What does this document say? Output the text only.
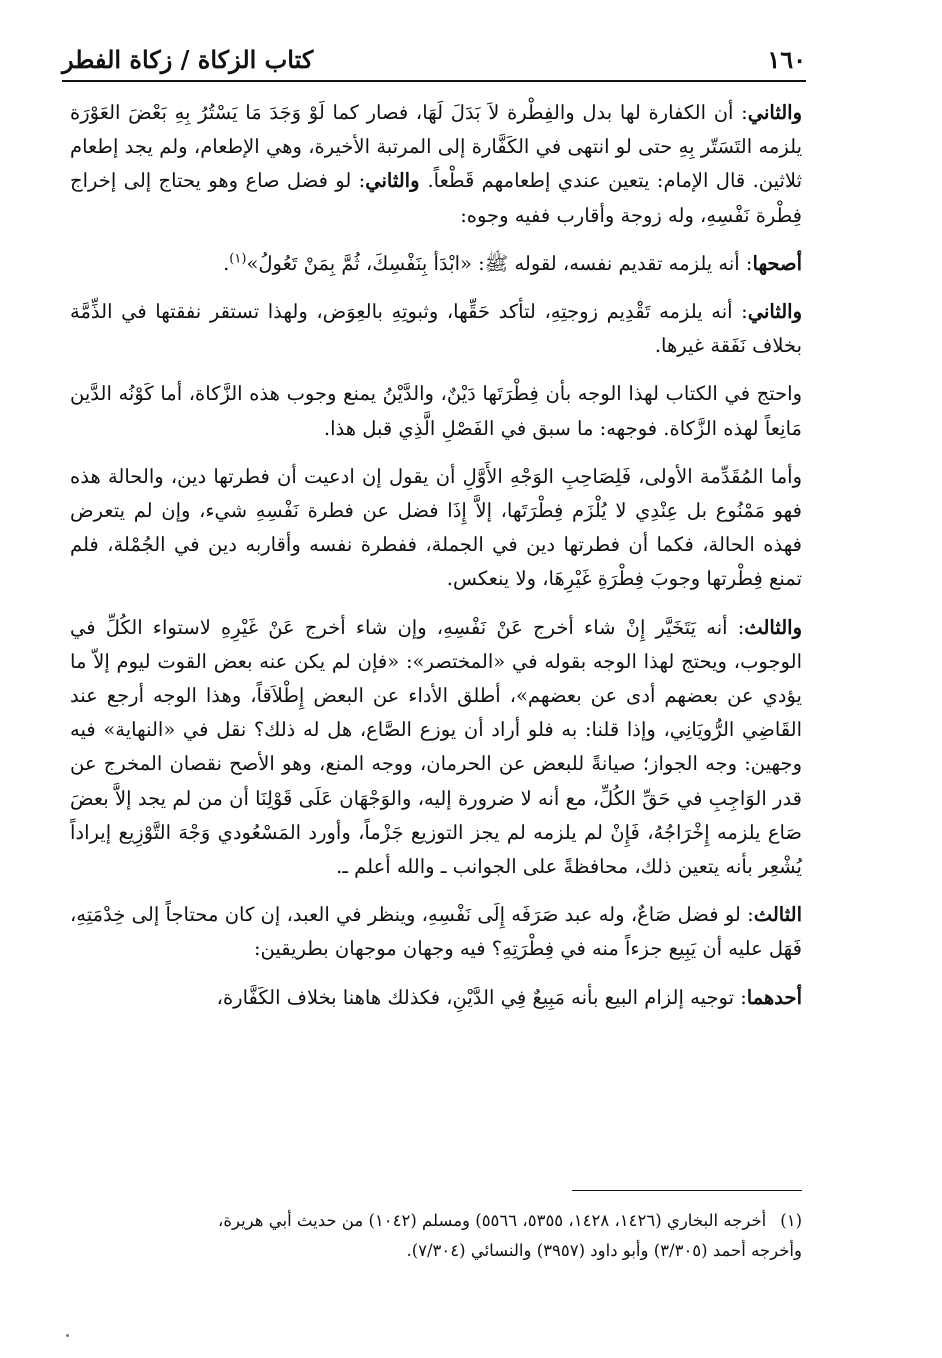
١٦٠
كتاب الزكاة / زكاة الفطر

والثاني: أن الكفارة لها بدل والفِطْرة لاَ بَدَلَ لَهَا، فصار كما لَوْ وَجَدَ مَا يَسْتُرُ بِهِ بَعْضَ العَوْرَة يلزمه التَسَتّر بِهِ حتى لو انتهى في الكَفَّارة إلى المرتبة الأخيرة، وهي الإطعام، ولم يجد إطعام ثلاثين. قال الإمام: يتعين عندي إطعامهم قَطْعاً. والثاني: لو فضل صاع وهو يحتاج إلى إخراج فِطْرة نَفْسِهِ، وله زوجة وأقارب ففيه وجوه:

أصحها: أنه يلزمه تقديم نفسه، لقوله ﷺ: «ابْدَأ بِنَفْسِكَ، ثُمَّ بِمَنْ تَعُولُ»$^{(١)}$.

والثاني: أنه يلزمه تَقْدِيم زوجتِهِ، لتأكد حَقِّها، وثبوتِهِ بالعِوَض، ولهذا تستقر نفقتها في الذِّمَّة بخلاف نَفَقة غيرها.

واحتج في الكتاب لهذا الوجه بأن فِطْرَتَها دَيْنٌ، والدَّيْنُ يمنع وجوب هذه الزَّكاة، أما كَوْنُه الدَّين مَانِعاً لهذه الزَّكاة. فوجهه: ما سبق في الفَصْلِ الَّذِي قبل هذا.

وأما المُقَدِّمة الأولى، فَلِصَاحِبِ الوَجْهِ الأَوَّلِ أن يقول إن ادعيت أن فطرتها دين، والحالة هذه فهو مَمْنُوع بل عِنْدِي لا يُلْزَم فِطْرَتَها، إلاَّ إِذَا فضل عن فطرة نَفْسِهِ شيء، وإن لم يتعرض فهذه الحالة، فكما أن فطرتها دين في الجملة، ففطرة نفسه وأقاربه دين في الجُمْلة، فلم تمنع فِطْرتها وجوبَ فِطْرَةِ غَيْرِهَا، ولا ينعكس.

والثالث: أنه يَتَخَيَّر إِنْ شاء أخرج عَنْ نَفْسِهِ، وإن شاء أخرج عَنْ غَيْرِهِ لاستواء الكُلِّ في الوجوب، ويحتج لهذا الوجه بقوله في «المختصر»: «فإن لم يكن عنه بعض القوت ليوم إلاّ ما يؤدي عن بعضهم أدى عن بعضهم»، أطلق الأداء عن البعض إِطْلاَقاً، وهذا الوجه أرجع عند القَاضِي الرُّويَانِي، وإذا قلنا: به فلو أراد أن يوزع الصَّاع، هل له ذلك؟ نقل في «النهاية» فيه وجهين: وجه الجواز؛ صيانةً للبعض عن الحرمان، ووجه المنع، وهو الأصح نقصان المخرج عن قدر الوَاجِبِ في حَقِّ الكُلِّ، مع أنه لا ضرورة إليه، والوَجْهَان عَلَى قَوْلِنَا أن من لم يجد إلاَّ بعضَ صَاع يلزمه إِخْرَاجُهُ، فَإِنْ لم يلزمه لم يجز التوزيع جَزْماً، وأورد المَسْعُودي وَجْهَ التَّوْزِيع إيراداً يُشْعِر بأنه يتعين ذلك، محافظةً على الجوانب ـ والله أعلم ـ.

الثالث: لو فضل صَاعٌ، وله عبد صَرَفَه إِلَى نَفْسِهِ، وينظر في العبد، إن كان محتاجاً إلى خِدْمَتِهِ، فَهَل عليه أن يَبِيع جزءاً منه في فِطْرَتِهِ؟ فيه وجهان موجهان بطريقين:

أحدهما: توجيه إلزام البيع بأنه مَبِيعٌ فِي الدَّيْنِ، فكذلك هاهنا بخلاف الكَفَّارة،

(١)أخرجه البخاري (١٤٢٦، ١٤٢٨، ٥٣٥٥، ٥٥٦٦) ومسلم (١٠٤٢) من حديث أبي هريرة،

وأخرجه أحمد (٣/٣٠٥) وأبو داود (٣٩٥٧) والنسائي (٧/٣٠٤).
